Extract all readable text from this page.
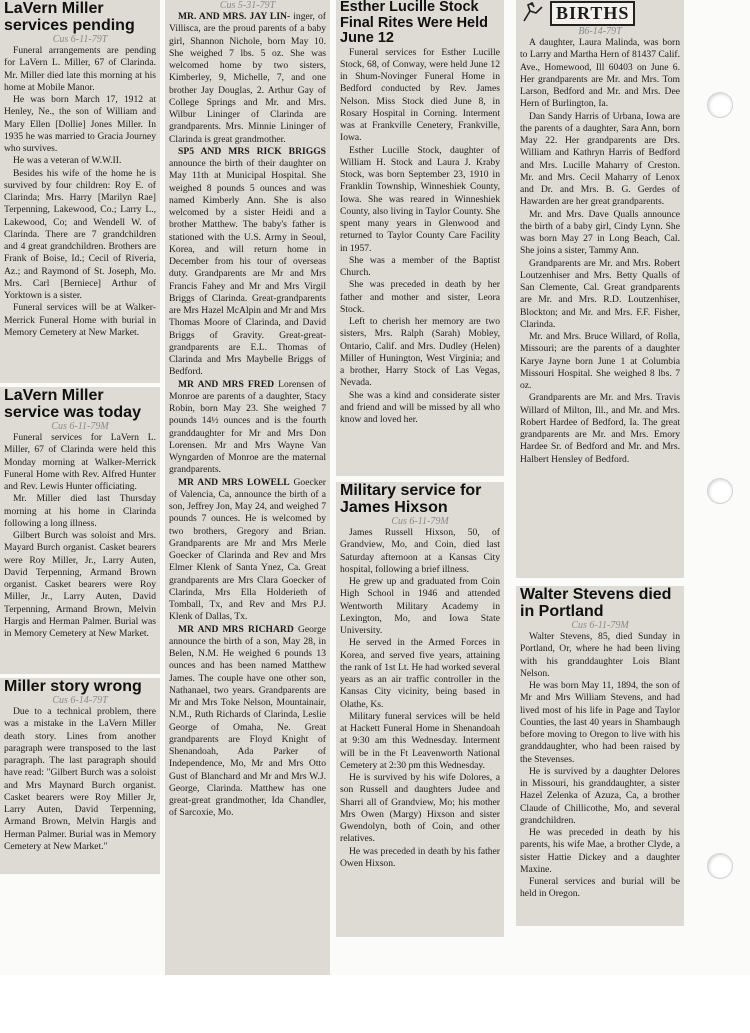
LaVern Miller services pending
Cus 6-11-79T

Funeral arrangements are pending for LaVern L. Miller, 67 of Clarinda. Mr. Miller died late this morning at his home at Mobile Manor.

He was born March 17, 1912 at Henley, Ne., the son of William and Mary Ellen [Dollie] Jones Miller. In 1935 he was married to Gracia Journey who survives.

He was a veteran of W.W.II.

Besides his wife of the home he is survived by four children: Roy E. of Clarinda; Mrs. Harry [Marilyn Rae] Terpenning, Lakewood, Co.; Larry L., Lakewood, Co; and Wendell W. of Clarinda. There are 7 grandchildren and 4 great grandchildren. Brothers are Frank of Boise, Id.; Cecil of Riveria, Az.; and Raymond of St. Joseph, Mo. Mrs. Carl [Berniece] Arthur of Yorktown is a sister.

Funeral services will be at Walker-Merrick Funeral Home with burial in Memory Cemetery at New Market.

LaVern Miller service was today
Cus 6-11-79M

Funeral services for LaVern L. Miller, 67 of Clarinda were held this Monday morning at Walker-Merrick Funeral Home with Rev. Alfred Hunter and Rev. Lewis Hunter officiating.

Mr. Miller died last Thursday morning at his home in Clarinda following a long illness.

Gilbert Burch was soloist and Mrs. Mayard Burch organist. Casket bearers were Roy Miller, Jr., Larry Auten, David Terpenning, Armand Brown organist. Casket bearers were Roy Miller, Jr., Larry Auten, David Terpenning, Armand Brown, Melvin Hargis and Herman Palmer. Burial was in Memory Cemetery at New Market.

Miller story wrong
Cus 6-14-79T

Due to a technical problem, there was a mistake in the LaVern Miller death story. Lines from another paragraph were transposed to the last paragraph. The last paragraph should have read: "Gilbert Burch was a soloist and Mrs Maynard Burch organist. Casket bearers were Roy Miller Jr, Larry Auten, David Terpenning, Armand Brown, Melvin Hargis and Herman Palmer. Burial was in Memory Cemetery at New Market."

Cus 5-31-79T

MR. AND MRS. JAY LIN- inger, of Villisca, are the proud parents of a baby girl, Shannon Nichole, born May 10. She weighed 7 lbs. 5 oz. She was welcomed home by two sisters, Kimberley, 9, Michelle, 7, and one brother Jay Douglas, 2. Arthur Gay of College Springs and Mr. and Mrs. Wilbur Lininger of Clarinda are grandparents. Mrs. Minnie Lininger of Clarinda is great grandmother.

SP5 AND MRS RICK BRIGGS announce the birth of their daughter on May 11th at Municipal Hospital. She weighed 8 pounds 5 ounces and was named Kimberly Ann. She is also welcomed by a sister Heidi and a brother Matthew. The baby's father is stationed with the U.S. Army in Seoul, Korea, and will return home in December from his tour of overseas duty. Grandparents are Mr and Mrs Francis Fahey and Mr and Mrs Virgil Briggs of Clarinda. Great-grandparents are Mrs Hazel McAlpin and Mr and Mrs Thomas Moore of Clarinda, and David Briggs of Gravity. Great-great-grandparents are E.L. Thomas of Clarinda and Mrs Maybelle Briggs of Bedford.

MR AND MRS FRED Lorensen of Monroe are parents of a daughter, Stacy Robin, born May 23. She weighed 7 pounds 14½ ounces and is the fourth granddaughter for Mr and Mrs Don Lorensen. Mr and Mrs Wayne Van Wyngarden of Monroe are the maternal grandparents.

MR AND MRS LOWELL Goecker of Valencia, Ca, announce the birth of a son, Jeffrey Jon, May 24, and weighed 7 pounds 7 ounces. He is welcomed by two brothers, Gregory and Brian. Grandparents are Mr and Mrs Merle Goecker of Clarinda and Rev and Mrs Elmer Klenk of Santa Ynez, Ca. Great grandparents are Mrs Clara Goecker of Clarinda, Mrs Ella Holderieth of Tomball, Tx, and Rev and Mrs P.J. Klenk of Dallas, Tx.

MR AND MRS RICHARD George announce the birth of a son, May 28, in Belen, N.M. He weighed 6 pounds 13 ounces and has been named Matthew James. The couple have one other son, Nathanael, two years. Grandparents are Mr and Mrs Toke Nelson, Mountainair, N.M., Ruth Richards of Clarinda, Leslie George of Omaha, Ne. Great grandparents are Floyd Knight of Shenandoah, Ada Parker of Independence, Mo, Mr and Mrs Otto Gust of Blanchard and Mr and Mrs W.J. George, Clarinda. Matthew has one great-great grandmother, Ida Chandler, of Sarcoxie, Mo.

Esther Lucille Stock Final Rites Were Held June 12

Funeral services for Esther Lucille Stock, 68, of Conway, were held June 12 in Shum-Novinger Funeral Home in Bedford conducted by Rev. James Nelson. Miss Stock died June 8, in Rosary Hospital in Corning. Interment was at Frankville Cenetery, Frankville, Iowa.

Esther Lucille Stock, daughter of William H. Stock and Laura J. Kraby Stock, was born September 23, 1910 in Franklin Township, Winneshiek County, Iowa. She was reared in Winneshiek County, also living in Taylor County. She spent many years in Glenwood and returned to Taylor County Care Facility in 1957.

She was a member of the Baptist Church.

She was preceded in death by her father and mother and sister, Leora Stock.

Left to cherish her memory are two sisters, Mrs. Ralph (Sarah) Mobley, Ontario, Calif. and Mrs. Dudley (Helen) Miller of Hunington, West Virginia; and a brother, Harry Stock of Las Vegas, Nevada.

She was a kind and considerate sister and friend and will be missed by all who know and loved her.

Military service for James Hixson
Cus 6-11-79M

James Russell Hixson, 50, of Grandview, Mo, and Coin, died last Saturday afternoon at a Kansas City hospital, following a brief illness.

He grew up and graduated from Coin High School in 1946 and attended Wentworth Military Academy in Lexington, Mo, and Iowa State University.

He served in the Armed Forces in Korea, and served five years, attaining the rank of 1st Lt. He had worked several years as an air traffic controller in the Kansas City vicinity, being based in Olathe, Ks.

Military funeral services will be held at Hackett Funeral Home in Shenandoah at 9:30 am this Wednesday. Interment will be in the Ft Leavenworth National Cemetery at 2:30 pm this Wednesday.

He is survived by his wife Dolores, a son Russell and daughters Judee and Sharri all of Grandview, Mo; his mother Mrs Owen (Margy) Hixson and sister Gwendolyn, both of Coin, and other relatives.

He was preceded in death by his father Owen Hixson.

BIRTHS
B6-14-79T

A daughter, Laura Malinda, was born to Larry and Martha Hern of 81437 Calif. Ave., Homewood, Ill 60403 on June 6. Her grandparents are Mr. and Mrs. Tom Larson, Bedford and Mr. and Mrs. Dee Hern of Burlington, Ia.

Dan Sandy Harris of Urbana, Iowa are the parents of a daughter, Sara Ann, born May 22. Her grandparents are Drs. William and Kathryn Harris of Bedford and Mrs. Lucille Maharry of Creston. Mr. and Mrs. Cecil Maharry of Lenox and Dr. and Mrs. B. G. Gerdes of Hawarden are her great grandparents.

Mr. and Mrs. Dave Qualls announce the birth of a baby girl, Cindy Lynn. She was born May 27 in Long Beach, Cal. She joins a sister, Tammy Ann.

Grandparents are Mr. and Mrs. Robert Loutzenhiser and Mrs. Betty Qualls of San Clemente, Cal. Great grandparents are Mr. and Mrs. R.D. Loutzenhiser, Blockton; and Mr. and Mrs. F.F. Fisher, Clarinda.

Mr. and Mrs. Bruce Willard, of Rolla, Missouri; are the parents of a daughter Karye Jayne born June 1 at Columbia Missouri Hospital. She weighed 8 lbs. 7 oz.

Grandparents are Mr. and Mrs. Travis Willard of Milton, Ill., and Mr. and Mrs. Robert Hardee of Bedford, Ia. The great grandparents are Mr. and Mrs. Emory Hardee Sr. of Bedford and Mr. and Mrs. Halbert Hensley of Bedford.

Walter Stevens died in Portland
Cus 6-11-79M

Walter Stevens, 85, died Sunday in Portland, Or, where he had been living with his granddaughter Lois Blant Nelson.

He was born May 11, 1894, the son of Mr and Mrs William Stevens, and had lived most of his life in Page and Taylor Counties, the last 40 years in Shambaugh before moving to Oregon to live with his granddaughter, who had been raised by the Stevenses.

He is survived by a daughter Delores in Missouri, his granddaughter, a sister Hazel Zelenka of Azuza, Ca, a brother Claude of Chillicothe, Mo, and several grandchildren.

He was preceded in death by his parents, his wife Mae, a brother Clyde, a sister Hattie Dickey and a daughter Maxine.

Funeral services and burial will be held in Oregon.
